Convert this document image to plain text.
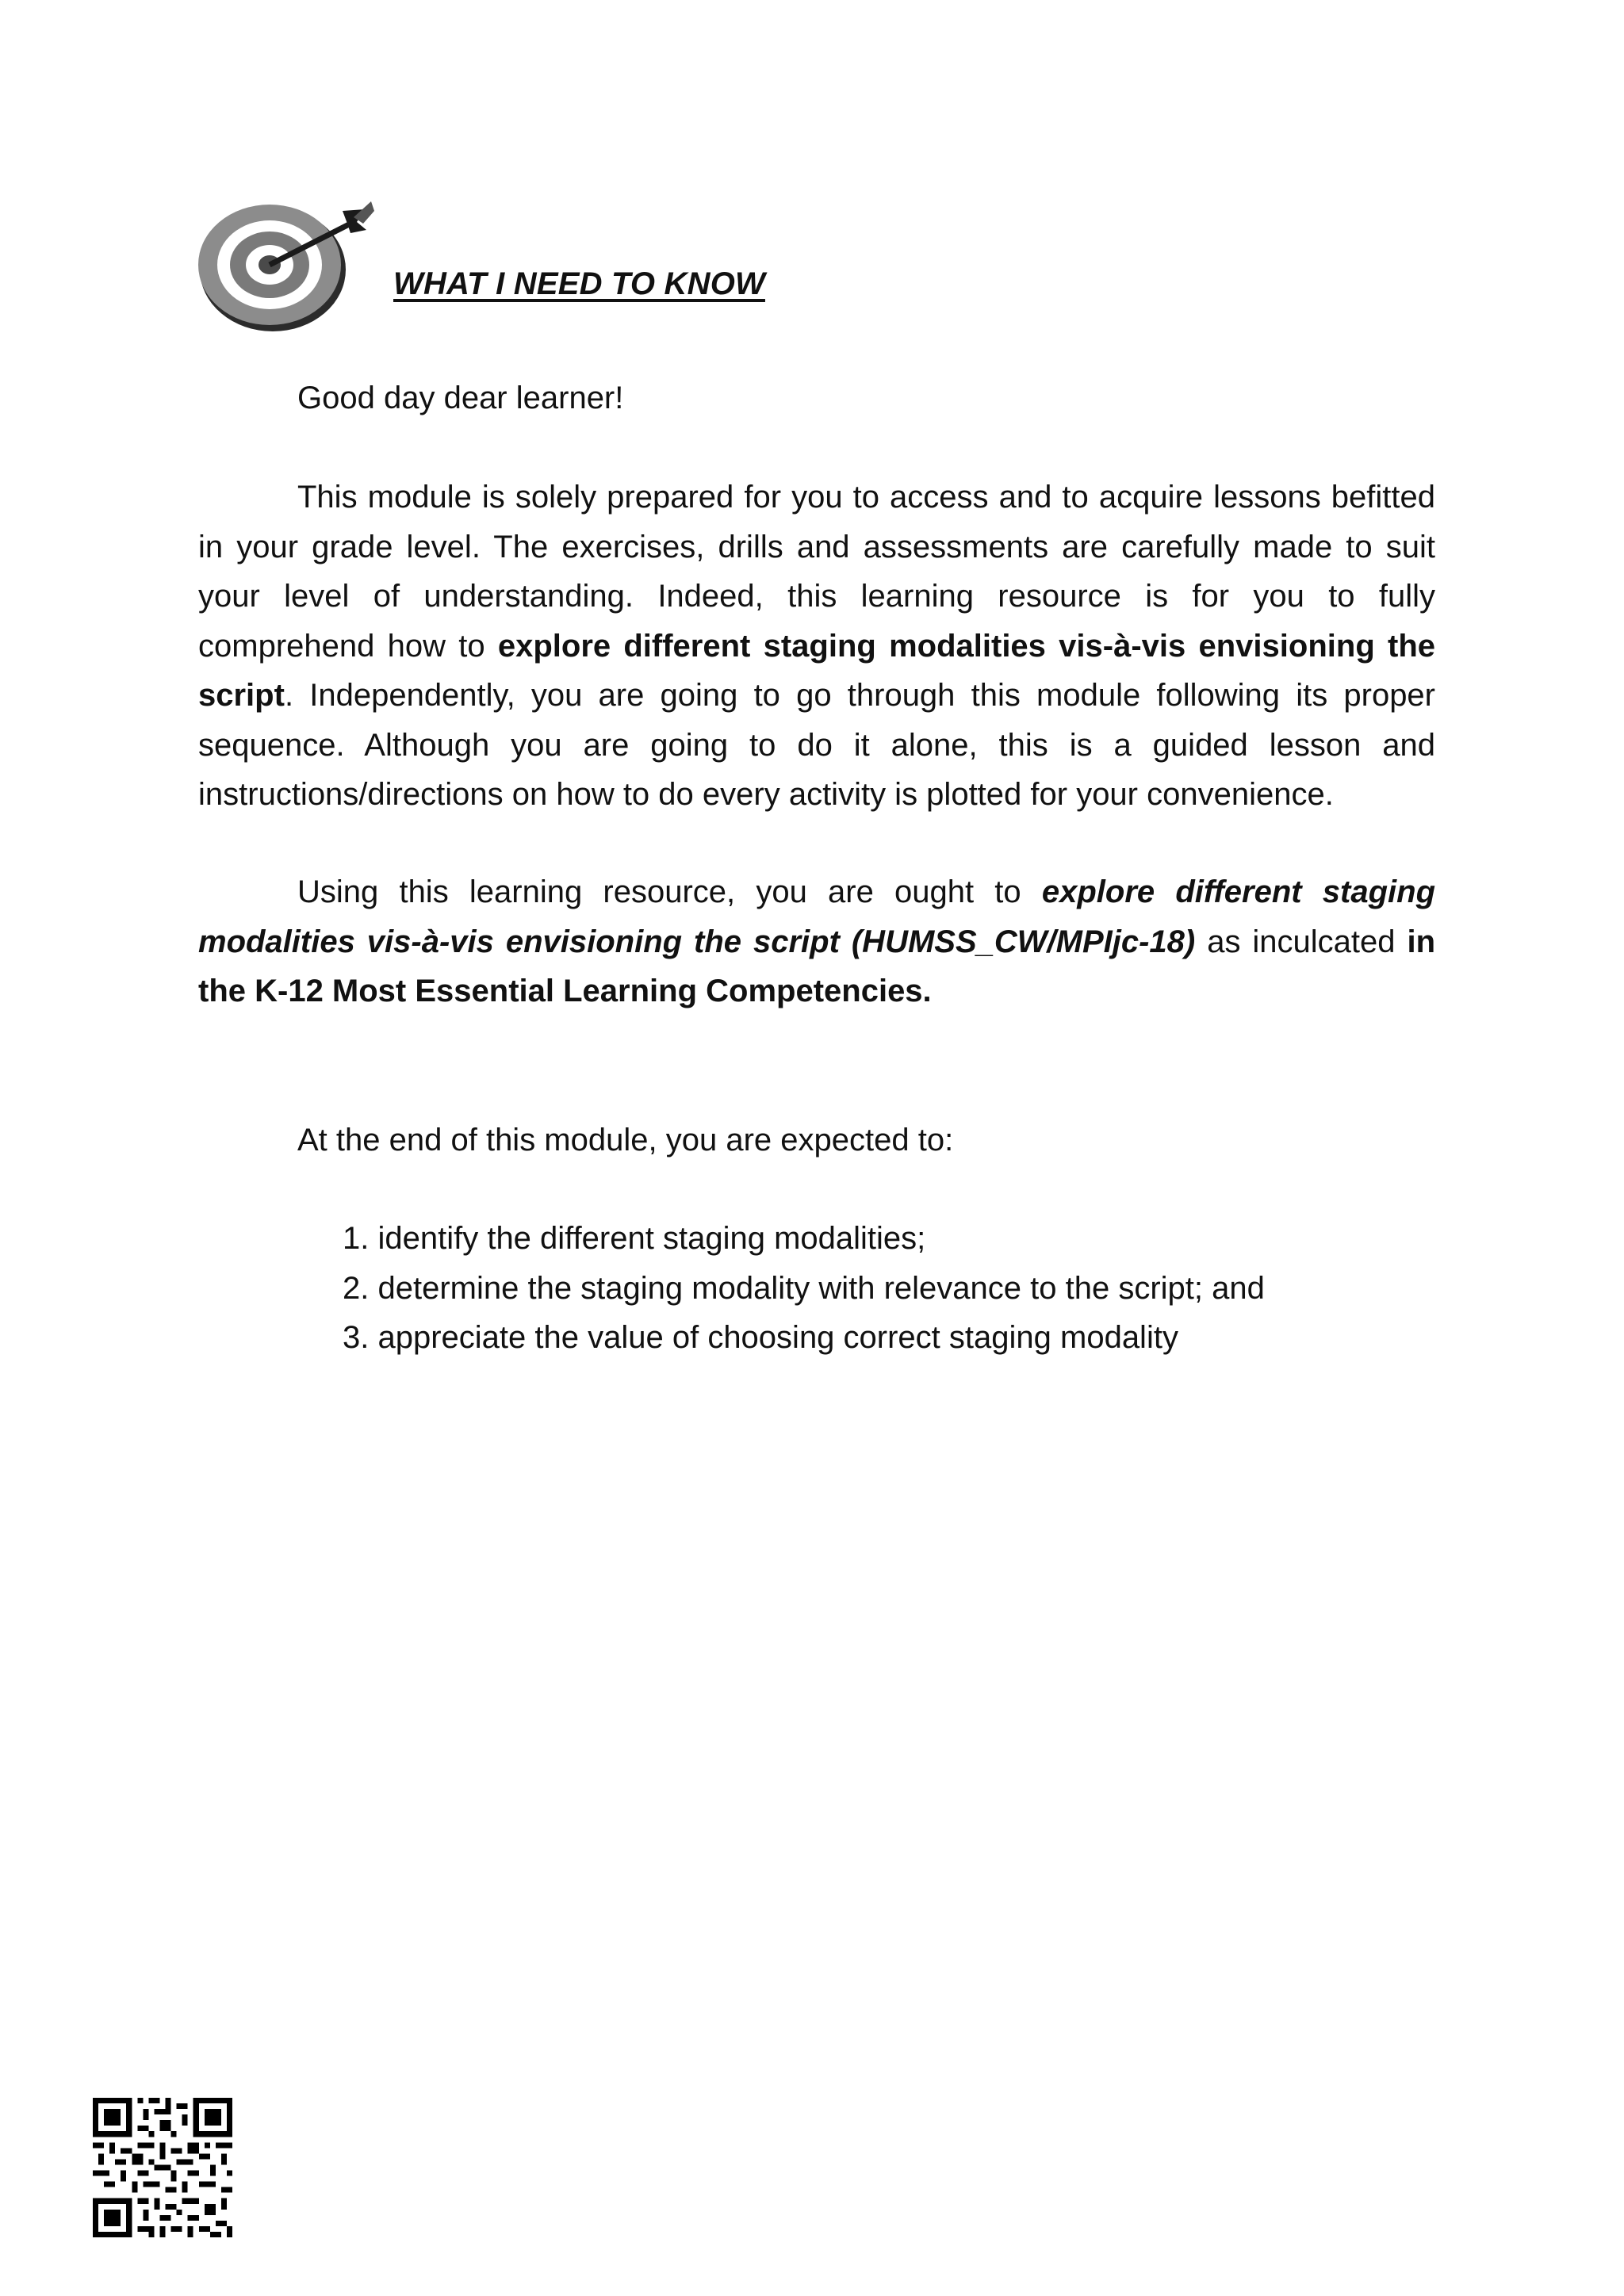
WHAT I NEED TO KNOW

Good day dear learner!

This module is solely prepared for you to access and to acquire lessons befitted in your grade level. The exercises, drills and assessments are carefully made to suit your level of understanding. Indeed, this learning resource is for you to fully comprehend how to explore different staging modalities vis-à-vis envisioning the script. Independently, you are going to go through this module following its proper sequence. Although you are going to do it alone, this is a guided lesson and instructions/directions on how to do every activity is plotted for your convenience.

Using this learning resource, you are ought to explore different staging modalities vis-à-vis envisioning the script (HUMSS_CW/MPIjc-18) as inculcated in the K-12 Most Essential Learning Competencies.

At the end of this module, you are expected to:

1. identify the different staging modalities;
2. determine the staging modality with relevance to the script; and
3. appreciate the value of choosing correct staging modality
